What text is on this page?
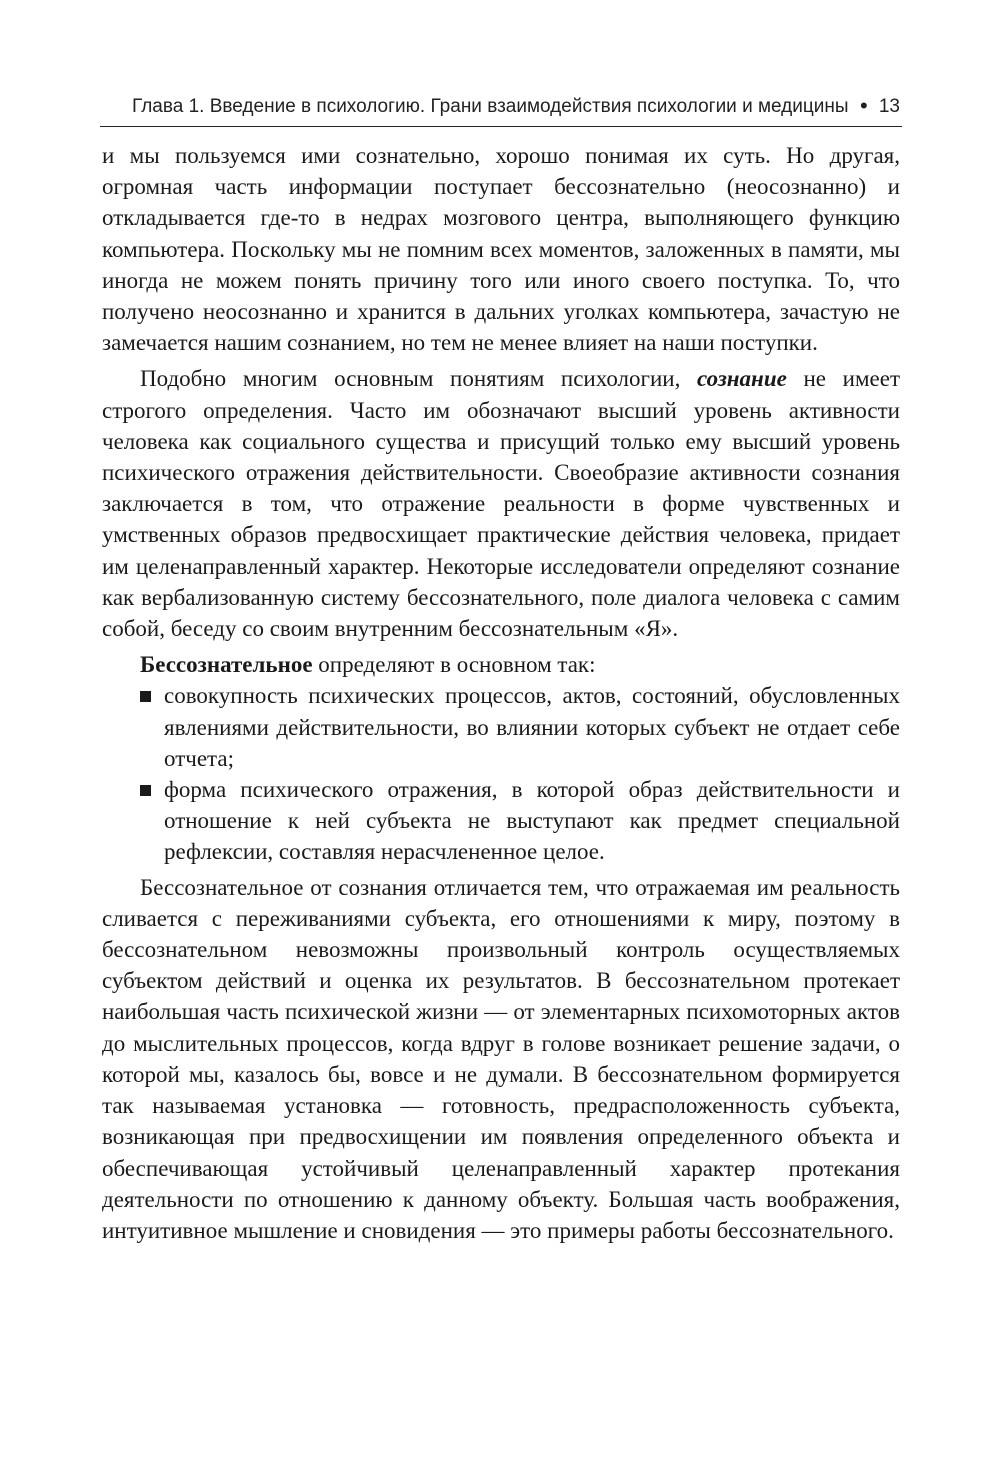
Глава 1. Введение в психологию. Грани взаимодействия психологии и медицины • 13

и мы пользуемся ими сознательно, хорошо понимая их суть. Но другая, огромная часть информации поступает бессознательно (неосознанно) и откладывается где-то в недрах мозгового центра, выполняющего функцию компьютера. Поскольку мы не помним всех моментов, заложенных в памяти, мы иногда не можем понять причину того или иного своего поступка. То, что получено неосознанно и хранится в дальних уголках компьютера, зачастую не замечается нашим сознанием, но тем не менее влияет на наши поступки.

Подобно многим основным понятиям психологии, сознание не имеет строгого определения. Часто им обозначают высший уровень активности человека как социального существа и присущий только ему высший уровень психического отражения действительности. Своеобразие активности сознания заключается в том, что отражение реальности в форме чувственных и умственных образов предвосхищает практические действия человека, придает им целенаправленный характер. Некоторые исследователи определяют сознание как вербализованную систему бессознательного, поле диалога человека с самим собой, беседу со своим внутренним бессознательным «Я».

Бессознательное определяют в основном так:
совокупность психических процессов, актов, состояний, обусловленных явлениями действительности, во влиянии которых субъект не отдает себе отчета;
форма психического отражения, в которой образ действительности и отношение к ней субъекта не выступают как предмет специальной рефлексии, составляя нерасчлененное целое.

Бессознательное от сознания отличается тем, что отражаемая им реальность сливается с переживаниями субъекта, его отношениями к миру, поэтому в бессознательном невозможны произвольный контроль осуществляемых субъектом действий и оценка их результатов. В бессознательном протекает наибольшая часть психической жизни — от элементарных психомоторных актов до мыслительных процессов, когда вдруг в голове возникает решение задачи, о которой мы, казалось бы, вовсе и не думали. В бессознательном формируется так называемая установка — готовность, предрасположенность субъекта, возникающая при предвосхищении им появления определенного объекта и обеспечивающая устойчивый целенаправленный характер протекания деятельности по отношению к данному объекту. Большая часть воображения, интуитивное мышление и сновидения — это примеры работы бессознательного.
